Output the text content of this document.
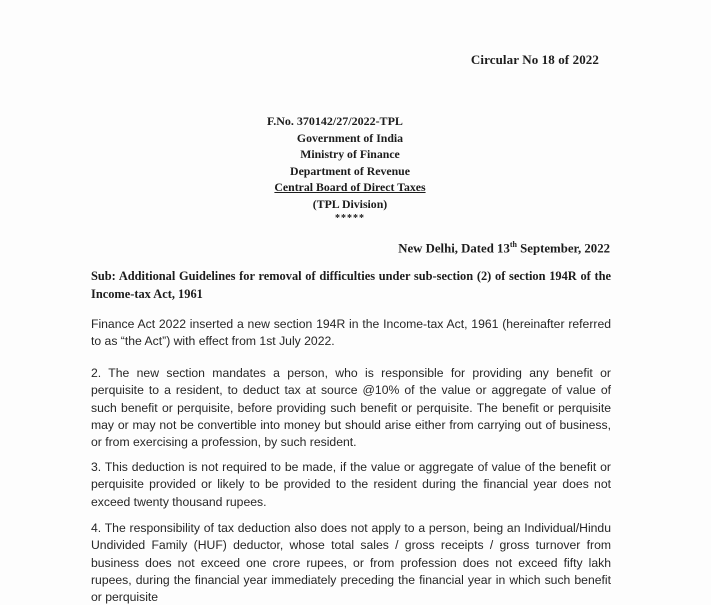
Circular No 18 of 2022
F.No. 370142/27/2022-TPL
Government of India
Ministry of Finance
Department of Revenue
Central Board of Direct Taxes
(TPL Division)
*****
New Delhi, Dated 13th September, 2022
Sub: Additional Guidelines for removal of difficulties under sub-section (2) of section 194R of the Income-tax Act, 1961
Finance Act 2022 inserted a new section 194R in the Income-tax Act, 1961 (hereinafter referred to as “the Act”) with effect from 1st July 2022.
2. The new section mandates a person, who is responsible for providing any benefit or perquisite to a resident, to deduct tax at source @10% of the value or aggregate of value of such benefit or perquisite, before providing such benefit or perquisite. The benefit or perquisite may or may not be convertible into money but should arise either from carrying out of business, or from exercising a profession, by such resident.
3. This deduction is not required to be made, if the value or aggregate of value of the benefit or perquisite provided or likely to be provided to the resident during the financial year does not exceed twenty thousand rupees.
4. The responsibility of tax deduction also does not apply to a person, being an Individual/Hindu Undivided Family (HUF) deductor, whose total sales / gross receipts / gross turnover from business does not exceed one crore rupees, or from profession does not exceed fifty lakh rupees, during the financial year immediately preceding the financial year in which such benefit or perquisite
